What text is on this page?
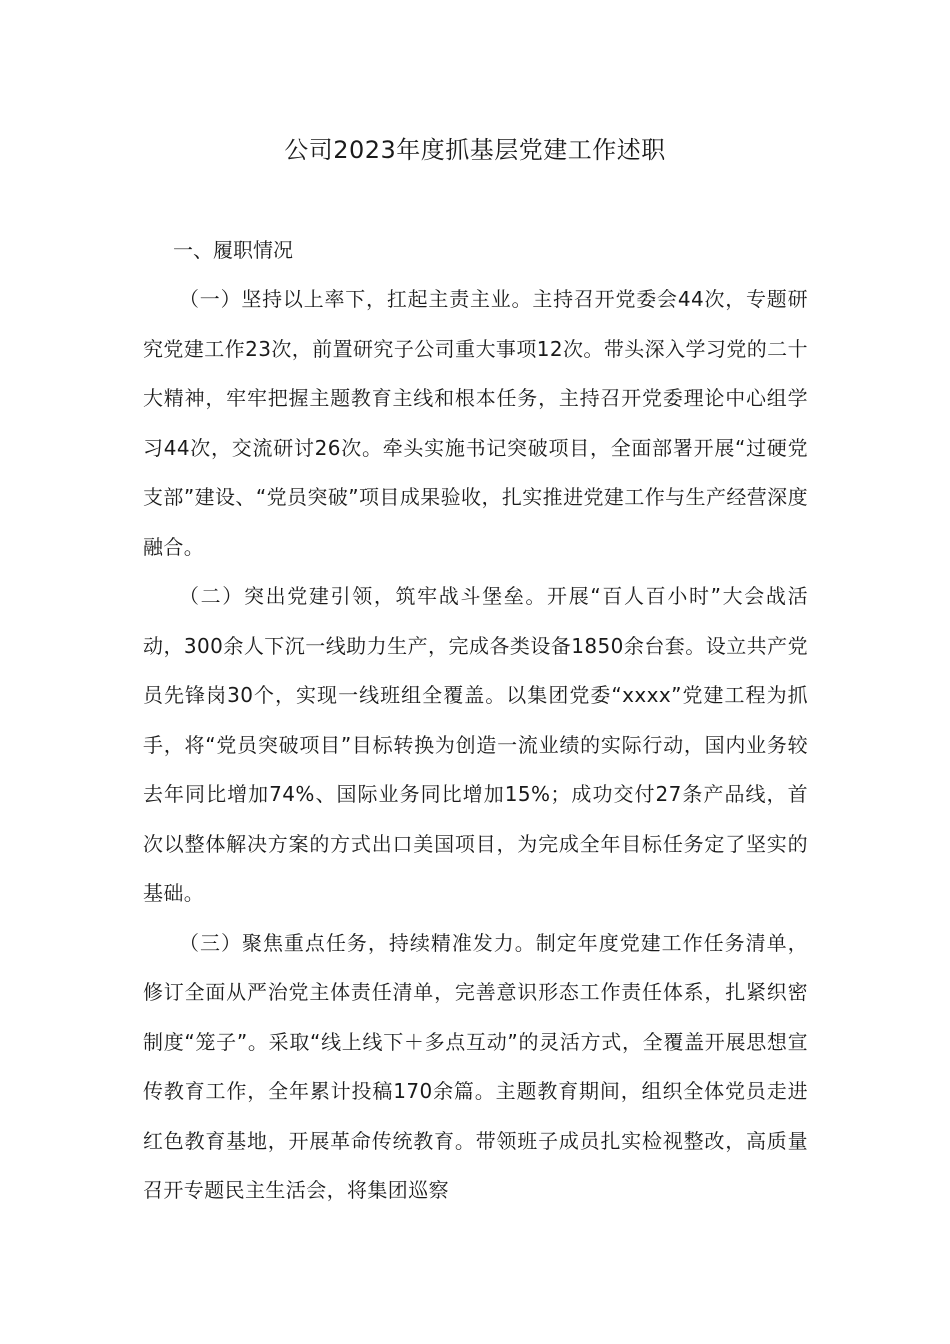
公司2023年度抓基层党建工作述职
一、履职情况

（一）坚持以上率下，扛起主责主业。主持召开党委会44次，专题研究党建工作23次，前置研究子公司重大事项12次。带头深入学习党的二十大精神，牢牢把握主题教育主线和根本任务，主持召开党委理论中心组学习44次，交流研讨26次。牵头实施书记突破项目，全面部署开展“过硬党支部”建设、“党员突破”项目成果验收，扎实推进党建工作与生产经营深度融合。

（二）突出党建引领，筑牢战斗堡垒。开展“百人百小时”大会战活动，300余人下沉一线助力生产，完成各类设备1850余台套。设立共产党员先锋岗30个，实现一线班组全覆盖。以集团党委“xxxx”党建工程为抓手，将“党员突破项目”目标转换为创造一流业绩的实际行动，国内业务较去年同比增加74%、国际业务同比增加15%；成功交付27条产品线，首次以整体解决方案的方式出口美国项目，为完成全年目标任务定了坚实的基础。

（三）聚焦重点任务，持续精准发力。制定年度党建工作任务清单，修订全面从严治党主体责任清单，完善意识形态工作责任体系，扎紧织密制度“笼子”。采取“线上线下＋多点互动”的灵活方式，全覆盖开展思想宣传教育工作，全年累计投稿170余篇。主题教育期间，组织全体党员走进红色教育基地，开展革命传统教育。带领班子成员扎实检视整改，高质量召开专题民主生活会，将集团巡察
